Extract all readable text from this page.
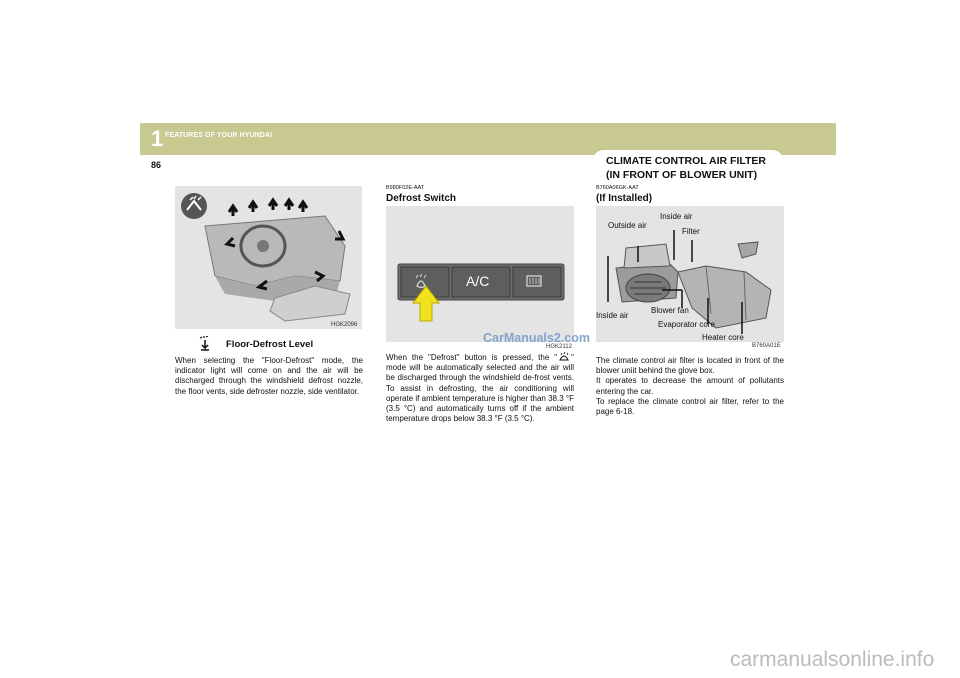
1 FEATURES OF YOUR HYUNDAI
86	CLIMATE CONTROL AIR FILTER
(IN FRONT OF BLOWER UNIT)
HGK2096
Floor-Defrost Level
When selecting the "Floor-Defrost" mode, the indicator light will come on and the air will be discharged through the windshield defrost nozzle, the floor vents, side defroster nozzle, side ventilator.
B980F02E-AAT
Defrost Switch
A/C
CarManuals2.com
HGK2112
When the "Defrost" button is pressed, the " " mode will be automatically selected and the air will be discharged through the windshield de-frost vents. To assist in defrosting, the air conditioning will operate if ambient temperature is higher than 38.3 °F (3.5 °C) and automatically turns off if the ambient temperature drops below 38.3 °F (3.5 °C).
B760A06GK-AAT
(If Installed)
Outside air
Inside air
Filter
Inside air
Blower fan
Evaporator core
Heater core
B760A01E
The climate control air filter is located in front of the blower uniit behind the glove box.
It operates to decrease the amount of pollutants entering the car.
To replace the climate control air filter, refer to the page 6-18.
carmanualsonline.info
